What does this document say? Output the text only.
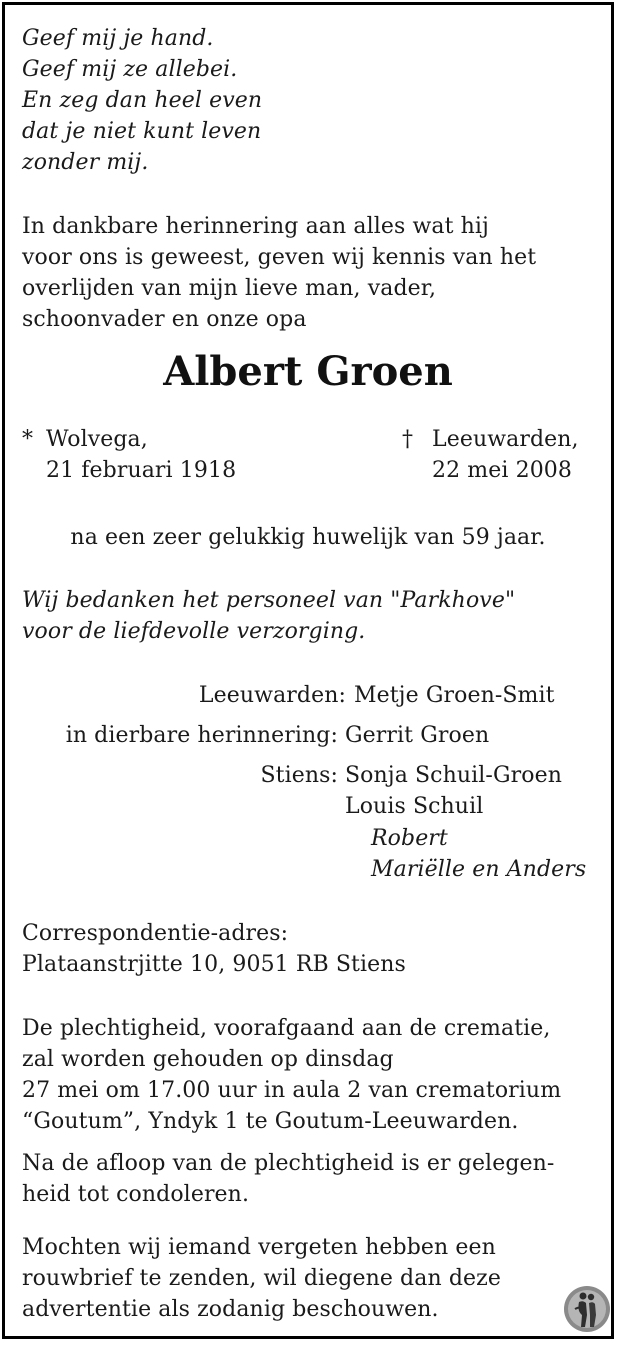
Geef mij je hand.
Geef mij ze allebei.
En zeg dan heel even
dat je niet kunt leven
zonder mij.
In dankbare herinnering aan alles wat hij
voor ons is geweest, geven wij kennis van het
overlijden van mijn lieve man, vader,
schoonvader en onze opa
Albert Groen
* Wolvega,
21 februari 1918
† Leeuwarden,
22 mei 2008
na een zeer gelukkig huwelijk van 59 jaar.
Wij bedanken het personeel van "Parkhove"
voor de liefdevolle verzorging.
Leeuwarden: Metje Groen-Smit
in dierbare herinnering: Gerrit Groen
Stiens: Sonja Schuil-Groen
Louis Schuil
Robert
Mariëlle en Anders
Correspondentie-adres:
Plataanstrjitte 10, 9051 RB Stiens
De plechtigheid, voorafgaand aan de crematie,
zal worden gehouden op dinsdag
27 mei om 17.00 uur in aula 2 van crematorium
“Goutum”, Yndyk 1 te Goutum-Leeuwarden.
Na de afloop van de plechtigheid is er gelegen-
heid tot condoleren.
Mochten wij iemand vergeten hebben een
rouwbrief te zenden, wil diegene dan deze
advertentie als zodanig beschouwen.
